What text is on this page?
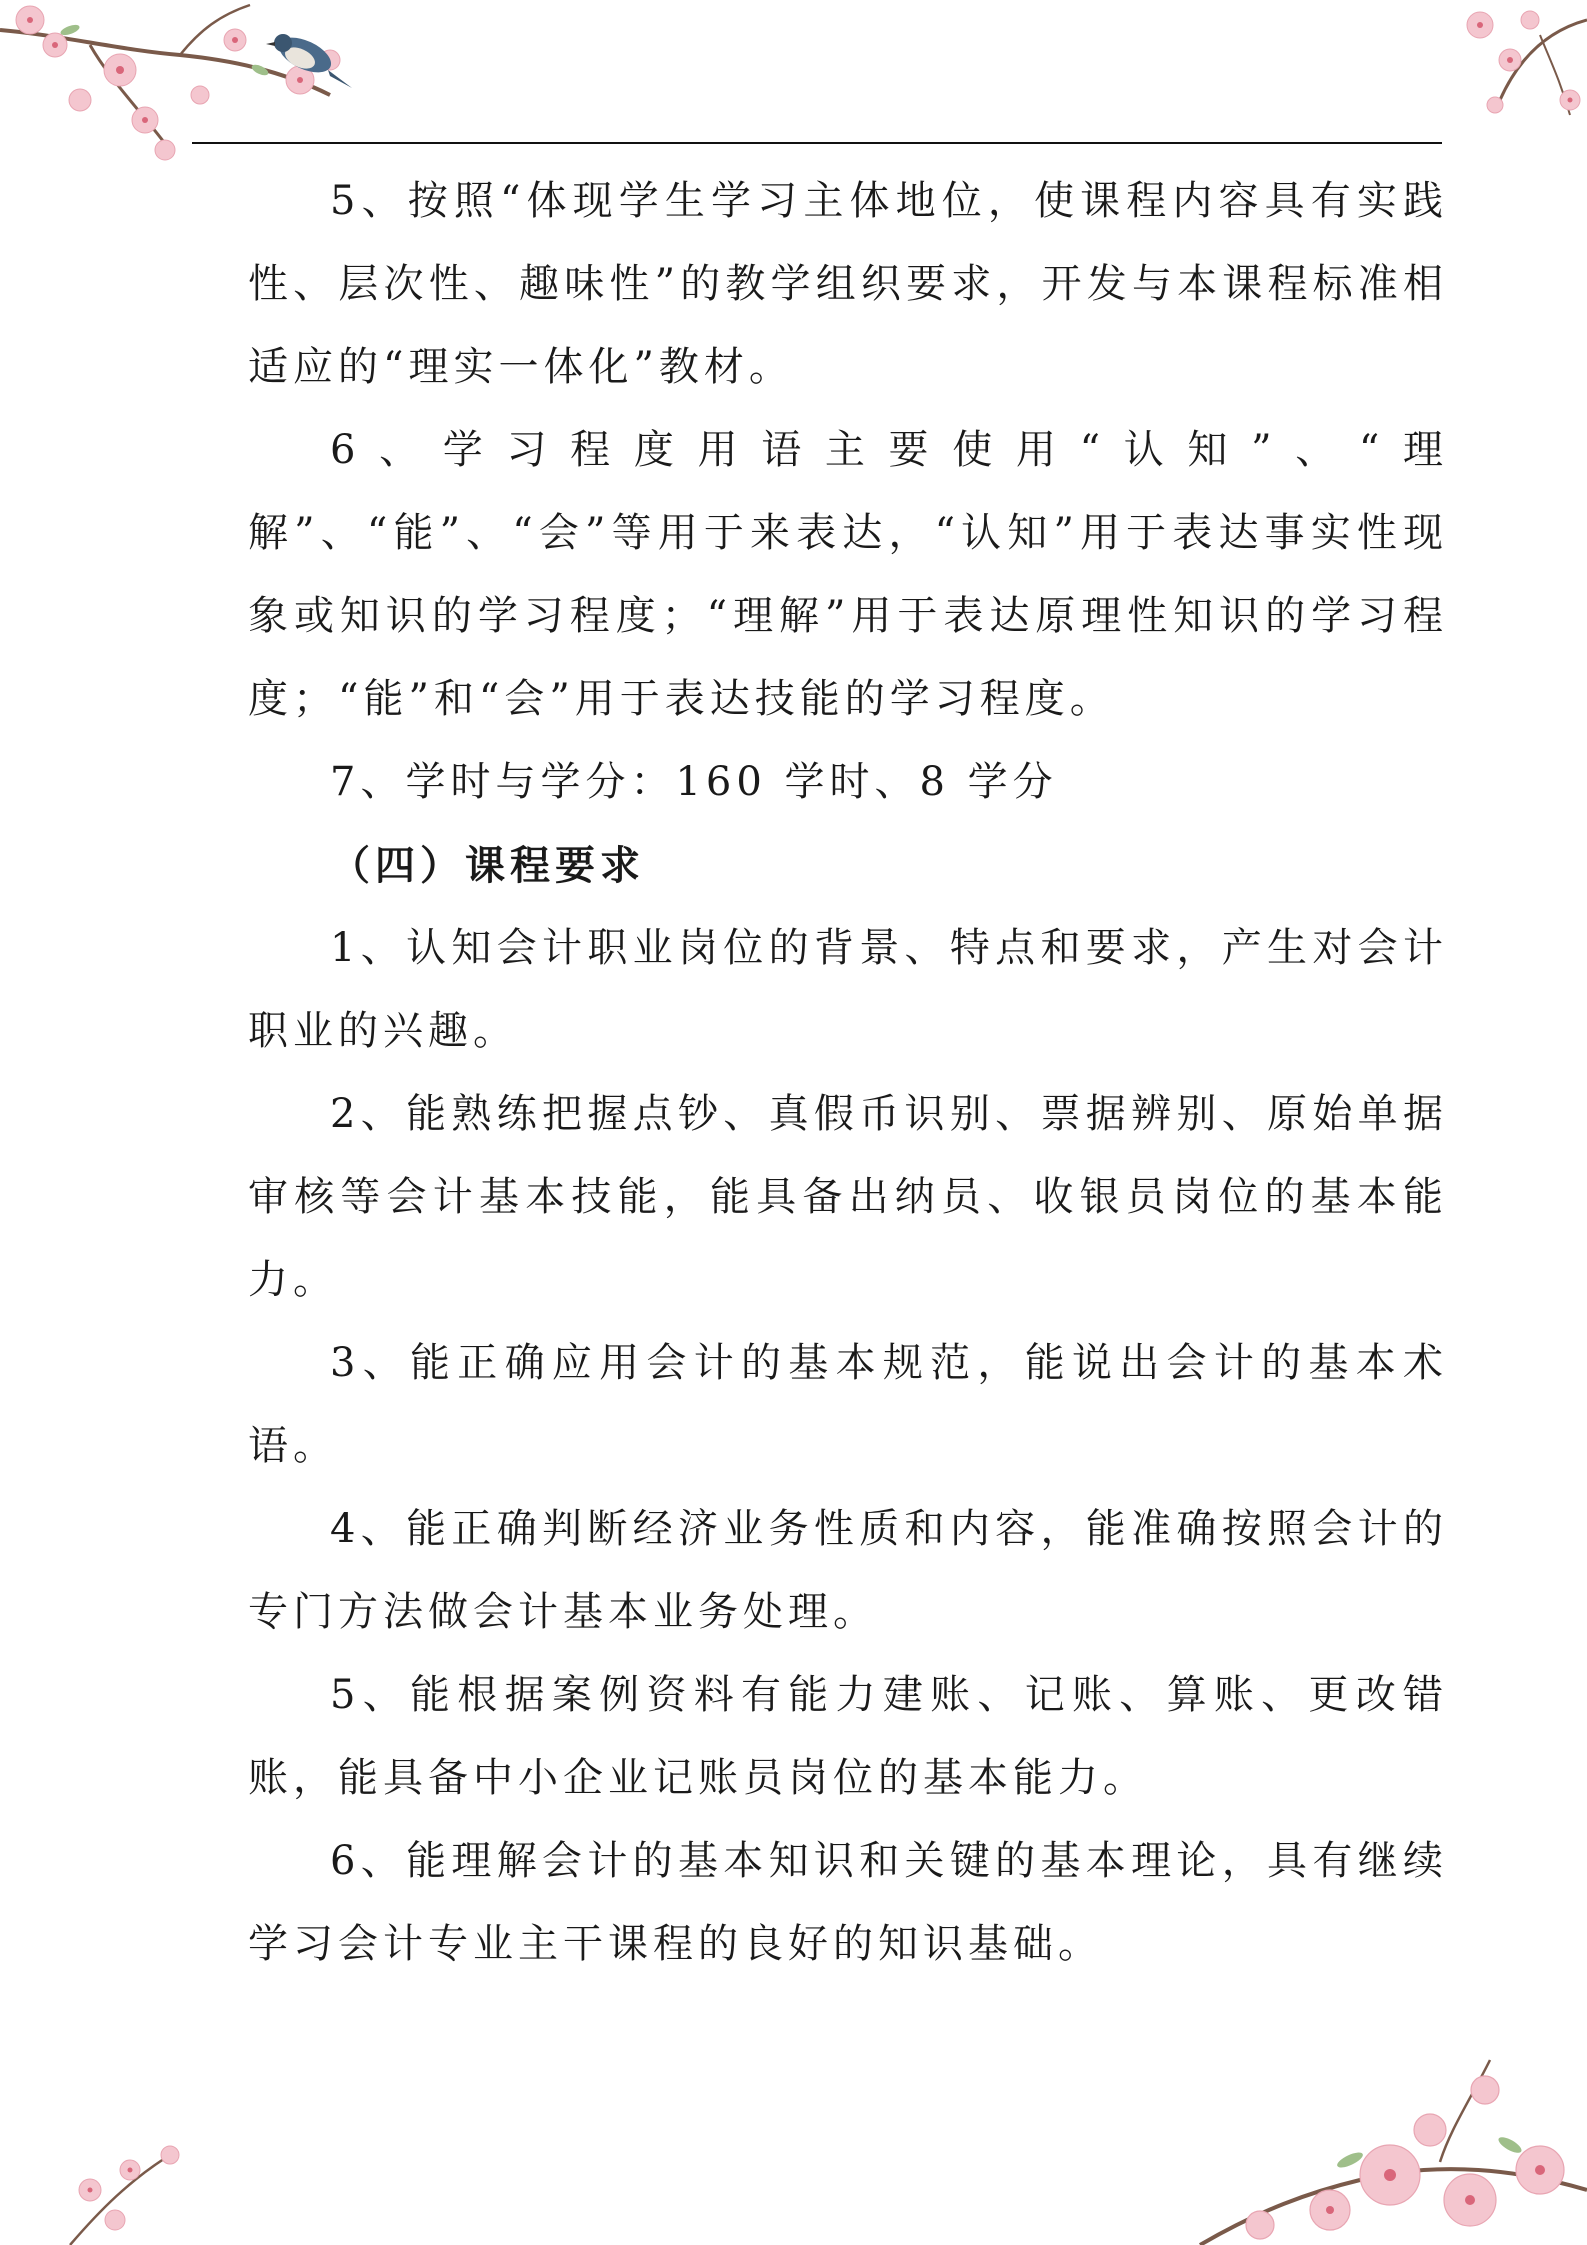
5、按照“体现学生学习主体地位，使课程内容具有实践性、层次性、趣味性”的教学组织要求，开发与本课程标准相适应的“理实一体化”教材。

6、学习程度用语主要使用“认知”、“理解”、“能”、“会”等用于来表达，“认知”用于表达事实性现象或知识的学习程度；“理解”用于表达原理性知识的学习程度；“能”和“会”用于表达技能的学习程度。

7、学时与学分：160 学时、8 学分

（四）课程要求

1、认知会计职业岗位的背景、特点和要求，产生对会计职业的兴趣。

2、能熟练把握点钞、真假币识别、票据辨别、原始单据审核等会计基本技能，能具备出纳员、收银员岗位的基本能力。

3、能正确应用会计的基本规范，能说出会计的基本术语。

4、能正确判断经济业务性质和内容，能准确按照会计的专门方法做会计基本业务处理。

5、能根据案例资料有能力建账、记账、算账、更改错账，能具备中小企业记账员岗位的基本能力。

6、能理解会计的基本知识和关键的基本理论，具有继续学习会计专业主干课程的良好的知识基础。
